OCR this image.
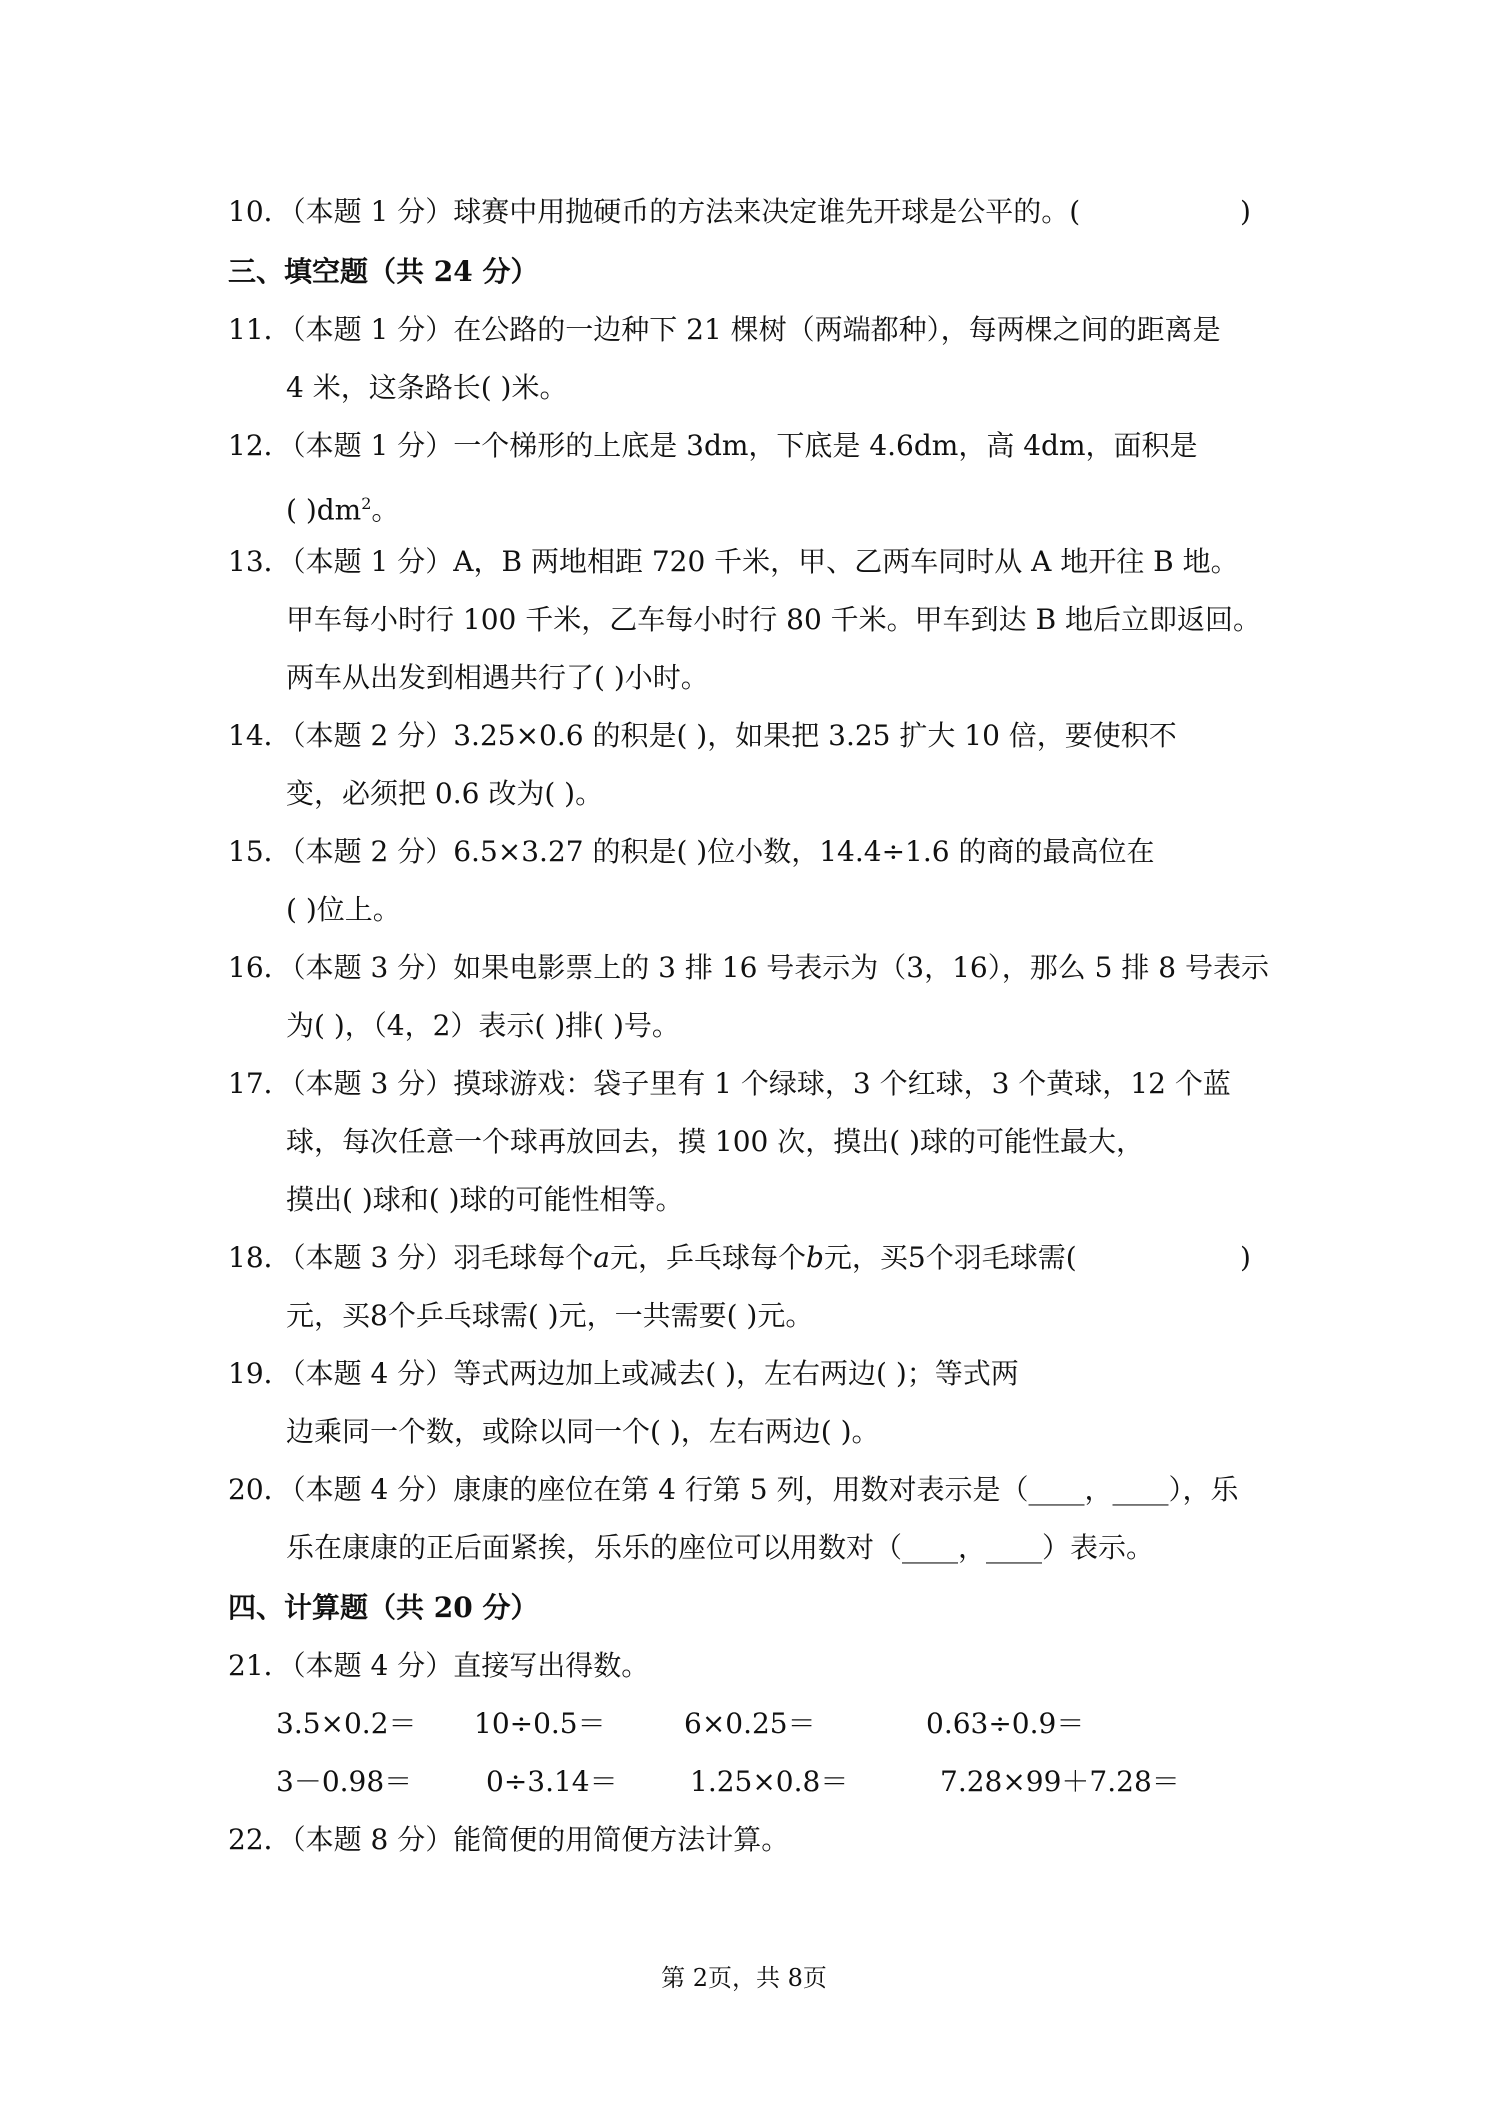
10．（本题 1 分）球赛中用抛硬币的方法来决定谁先开球是公平的。(	)
三、填空题（共 24 分）
11．（本题 1 分）在公路的一边种下 21 棵树（两端都种），每两棵之间的距离是
4 米，这条路长( )米。
12．（本题 1 分）一个梯形的上底是 3dm，下底是 4.6dm，高 4dm，面积是
( )$dm^2$。
13．（本题 1 分）A，B 两地相距 720 千米，甲、乙两车同时从 A 地开往 B 地。
甲车每小时行 100 千米，乙车每小时行 80 千米。甲车到达 B 地后立即返回。
两车从出发到相遇共行了( )小时。
14．（本题 2 分）3.25×0.6 的积是( )，如果把 3.25 扩大 10 倍，要使积不
变，必须把 0.6 改为( )。
15．（本题 2 分）6.5×3.27 的积是( )位小数，14.4÷1.6 的商的最高位在
( )位上。
16．（本题 3 分）如果电影票上的 3 排 16 号表示为（3，16），那么 5 排 8 号表示
为( )，（4，2）表示( )排( )号。
17．（本题 3 分）摸球游戏：袋子里有 1 个绿球，3 个红球，3 个黄球，12 个蓝
球，每次任意一个球再放回去，摸 100 次，摸出( )球的可能性最大，
摸出( )球和( )球的可能性相等。
18．（本题 3 分）羽毛球每个a元，乒乓球每个b元，买5个羽毛球需(	)
元，买8个乒乓球需( )元，一共需要( )元。
19．（本题 4 分）等式两边加上或减去( )，左右两边( )；等式两
边乘同一个数，或除以同一个( )，左右两边( )。
20．（本题 4 分）康康的座位在第 4 行第 5 列，用数对表示是（____，____），乐
乐在康康的正后面紧挨，乐乐的座位可以用数对（____，____）表示。
四、计算题（共 20 分）
21．（本题 4 分）直接写出得数。
3.5×0.2＝ 10÷0.5＝	6×0.25＝	0.63÷0.9＝
3－0.98＝	0÷3.14＝	1.25×0.8＝	7.28×99＋7.28＝
22．（本题 8 分）能简便的用简便方法计算。
第 2页，共 8页
